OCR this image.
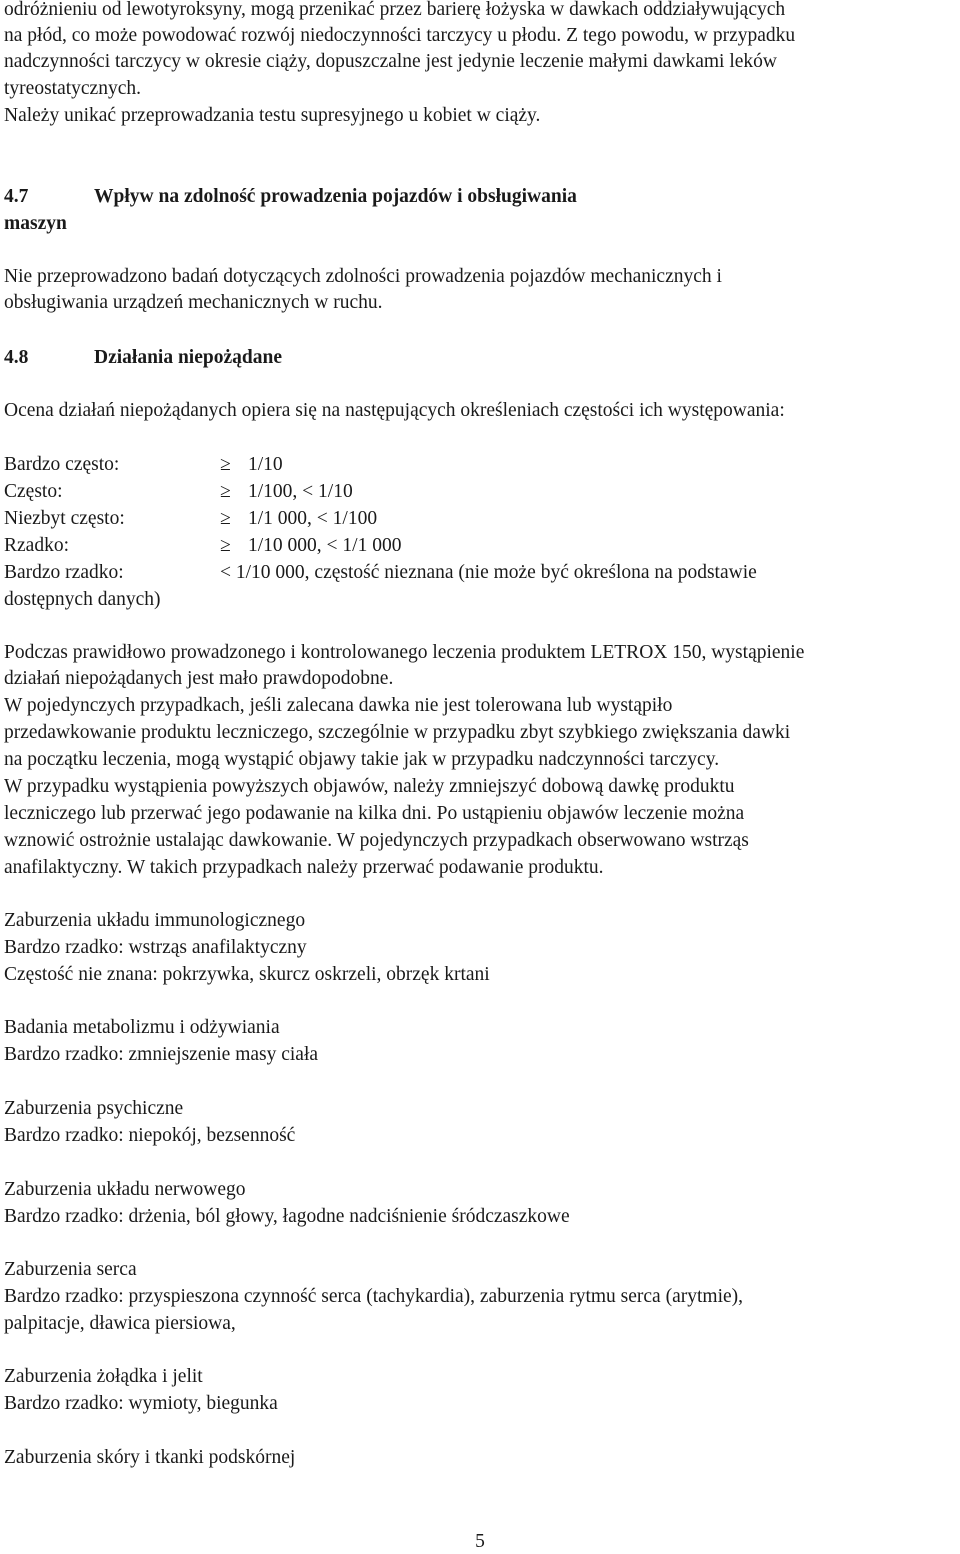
odróżnieniu od lewotyroksyny, mogą przenikać przez barierę łożyska w dawkach oddziaływujących
na płód, co może powodować rozwój niedoczynności tarczycy u płodu. Z tego powodu, w przypadku
nadczynności tarczycy w okresie ciąży, dopuszczalne jest jedynie leczenie małymi dawkami leków
tyreostatycznych.
Należy unikać przeprowadzania testu supresyjnego u kobiet w ciąży.
4.7	Wpływ na zdolność prowadzenia pojazdów i obsługiwania
maszyn
Nie przeprowadzono badań dotyczących zdolności prowadzenia pojazdów mechanicznych i
obsługiwania urządzeń mechanicznych w ruchu.
4.8	Działania niepożądane
Ocena działań niepożądanych opiera się na następujących określeniach częstości ich występowania:
Bardzo często:	≥ 1/10
Często:	≥ 1/100, < 1/10
Niezbyt często:	≥ 1/1 000, < 1/100
Rzadko:	≥ 1/10 000, < 1/1 000
Bardzo rzadko:	< 1/10 000, częstość nieznana (nie może być określona na podstawie
dostępnych danych)
Podczas prawidłowo prowadzonego i kontrolowanego leczenia produktem LETROX 150, wystąpienie
działań niepożądanych jest mało prawdopodobne.
W pojedynczych przypadkach, jeśli zalecana dawka nie jest tolerowana lub wystąpiło
przedawkowanie produktu leczniczego, szczególnie w przypadku zbyt szybkiego zwiększania dawki
na początku leczenia, mogą wystąpić objawy takie jak w przypadku nadczynności tarczycy.
W przypadku wystąpienia powyższych objawów, należy zmniejszyć dobową dawkę produktu
leczniczego lub przerwać jego podawanie na kilka dni. Po ustąpieniu objawów leczenie można
wznowić ostrożnie ustalając dawkowanie. W pojedynczych przypadkach obserwowano wstrząs
anafilaktyczny. W takich przypadkach należy przerwać podawanie produktu.
Zaburzenia układu immunologicznego
Bardzo rzadko: wstrząs anafilaktyczny
Częstość nie znana: pokrzywka, skurcz oskrzeli, obrzęk krtani
Badania metabolizmu i odżywiania
Bardzo rzadko: zmniejszenie masy ciała
Zaburzenia psychiczne
Bardzo rzadko: niepokój, bezsenność
Zaburzenia układu nerwowego
Bardzo rzadko: drżenia, ból głowy, łagodne nadciśnienie śródczaszkowe
Zaburzenia serca
Bardzo rzadko: przyspieszona czynność serca (tachykardia), zaburzenia rytmu serca (arytmie),
palpitacje, dławica piersiowa,
Zaburzenia żołądka i jelit
Bardzo rzadko: wymioty, biegunka
Zaburzenia skóry i tkanki podskórnej
5
